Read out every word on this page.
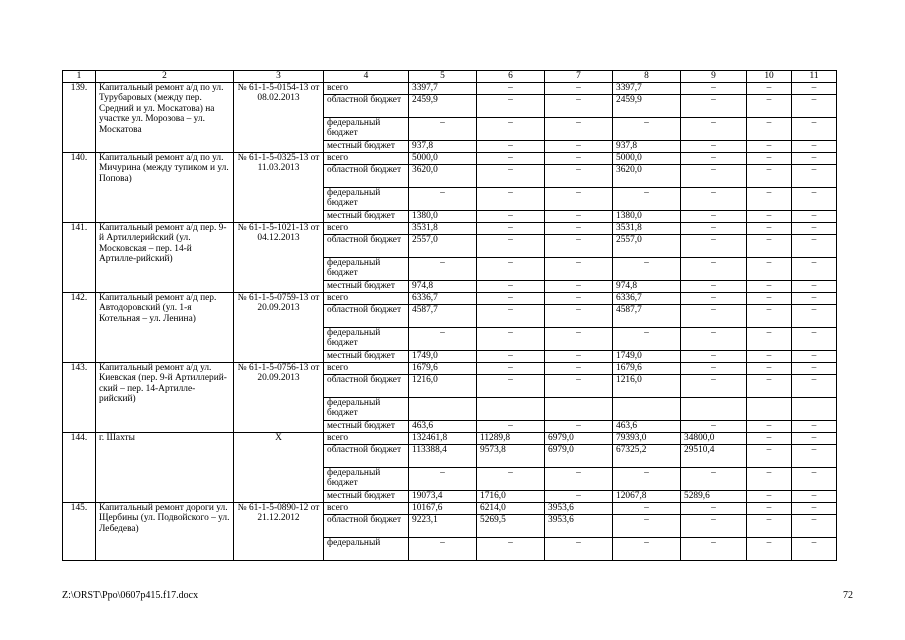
1	2	3	4	5	6	7	8	9	10	11
139.	Капитальный ремонт а/д по ул. Турубаровых (между пер. Средний и ул. Москатова) на участке ул. Морозова – ул. Москатова	№ 61-1-5-0154-13 от 08.02.2013	всего	3397,7	–	–	3397,7	–	–	–
			областной бюджет	2459,9	–	–	2459,9	–	–	–
			федеральный бюджет	–	–	–	–	–	–	–
			местный бюджет	937,8	–	–	937,8	–	–	–
140.	Капитальный ремонт а/д по ул. Мичурина (между тупиком и ул. Попова)	№ 61-1-5-0325-13 от 11.03.2013	всего	5000,0	–	–	5000,0	–	–	–
			областной бюджет	3620,0	–	–	3620,0	–	–	–
			федеральный бюджет	–	–	–	–	–	–	–
			местный бюджет	1380,0	–	–	1380,0	–	–	–
141.	Капитальный ремонт а/д пер. 9-й Артиллерийский (ул. Московская – пер. 14-й Артилле-рийский)	№ 61-1-5-1021-13 от 04.12.2013	всего	3531,8	–	–	3531,8	–	–	–
			областной бюджет	2557,0	–	–	2557,0	–	–	–
			федеральный бюджет	–	–	–	–	–	–	–
			местный бюджет	974,8	–	–	974,8	–	–	–
142.	Капитальный ремонт а/д пер. Автодоровский (ул. 1-я Котельная – ул. Ленина)	№ 61-1-5-0759-13 от 20.09.2013	всего	6336,7	–	–	6336,7	–	–	–
			областной бюджет	4587,7	–	–	4587,7	–	–	–
			федеральный бюджет	–	–	–	–	–	–	–
			местный бюджет	1749,0	–	–	1749,0	–	–	–
143.	Капитальный ремонт а/д ул. Киевская (пер. 9-й Артиллерий-ский – пер. 14-Артилле-рийский)	№ 61-1-5-0756-13 от 20.09.2013	всего	1679,6	–	–	1679,6	–	–	–
			областной бюджет	1216,0	–	–	1216,0	–	–	–
			федеральный бюджет							
			местный бюджет	463,6	–	–	463,6	–	–	–
144.	г. Шахты	Х	всего	132461,8	11289,8	6979,0	79393,0	34800,0	–	–
			областной бюджет	113388,4	9573,8	6979,0	67325,2	29510,4	–	–
			федеральный бюджет	–	–	–	–	–	–	–
			местный бюджет	19073,4	1716,0	–	12067,8	5289,6	–	–
145.	Капитальный ремонт дороги ул. Щербины (ул. Подвойского – ул. Лебедева)	№ 61-1-5-0890-12 от 21.12.2012	всего	10167,6	6214,0	3953,6	–	–	–	–
			областной бюджет	9223,1	5269,5	3953,6	–	–	–	–
			федеральный	–	–	–	–	–	–	–
Z:\ORST\Ppo\0607p415.f17.docx	72
